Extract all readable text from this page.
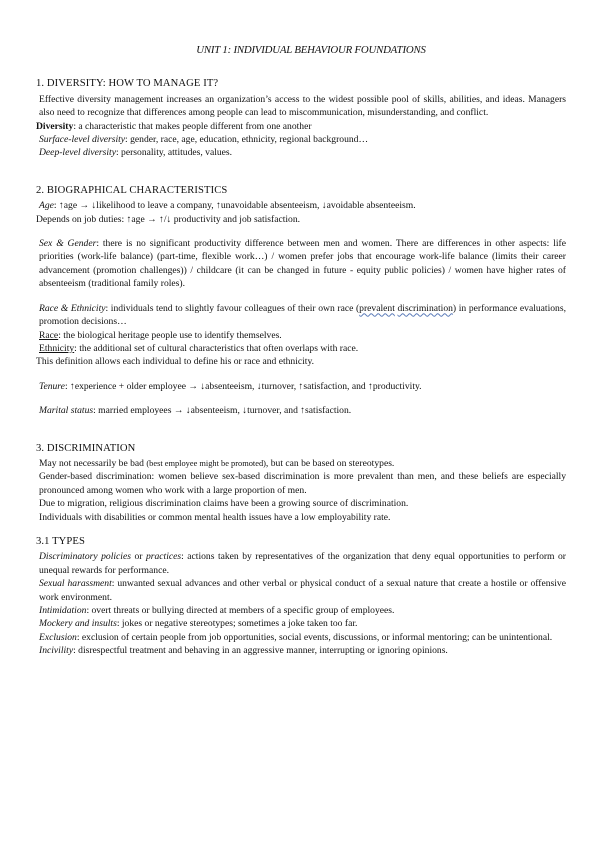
UNIT 1: INDIVIDUAL BEHAVIOUR FOUNDATIONS
1. DIVERSITY: HOW TO MANAGE IT?

Effective diversity management increases an organization’s access to the widest possible pool of skills, abilities, and ideas. Managers also need to recognize that differences among people can lead to miscommunication, misunderstanding, and conflict.

Diversity: a characteristic that makes people different from one another

Surface-level diversity: gender, race, age, education, ethnicity, regional background…

Deep-level diversity: personality, attitudes, values.

2. BIOGRAPHICAL CHARACTERISTICS

Age: ↑age → ↓likelihood to leave a company, ↑unavoidable absenteeism, ↓avoidable absenteeism.

Depends on job duties: ↑age → ↑/↓ productivity and job satisfaction.

Sex & Gender: there is no significant productivity difference between men and women. There are differences in other aspects: life priorities (work-life balance) (part-time, flexible work…) / women prefer jobs that encourage work-life balance (limits their career advancement (promotion challenges)) / childcare (it can be changed in future - equity public policies) / women have higher rates of absenteeism (traditional family roles).

Race & Ethnicity: individuals tend to slightly favour colleagues of their own race (prevalent discrimination) in performance evaluations, promotion decisions…

Race: the biological heritage people use to identify themselves.

Ethnicity: the additional set of cultural characteristics that often overlaps with race.

This definition allows each individual to define his or race and ethnicity.

Tenure: ↑experience + older employee → ↓absenteeism, ↓turnover, ↑satisfaction, and ↑productivity.

Marital status: married employees → ↓absenteeism, ↓turnover, and ↑satisfaction.

3. DISCRIMINATION

May not necessarily be bad (best employee might be promoted), but can be based on stereotypes.

Gender-based discrimination: women believe sex-based discrimination is more prevalent than men, and these beliefs are especially pronounced among women who work with a large proportion of men.

Due to migration, religious discrimination claims have been a growing source of discrimination.

Individuals with disabilities or common mental health issues have a low employability rate.

3.1 TYPES

Discriminatory policies or practices: actions taken by representatives of the organization that deny equal opportunities to perform or unequal rewards for performance.

Sexual harassment: unwanted sexual advances and other verbal or physical conduct of a sexual nature that create a hostile or offensive work environment.

Intimidation: overt threats or bullying directed at members of a specific group of employees.

Mockery and insults: jokes or negative stereotypes; sometimes a joke taken too far.

Exclusion: exclusion of certain people from job opportunities, social events, discussions, or informal mentoring; can be unintentional.

Incivility: disrespectful treatment and behaving in an aggressive manner, interrupting or ignoring opinions.
